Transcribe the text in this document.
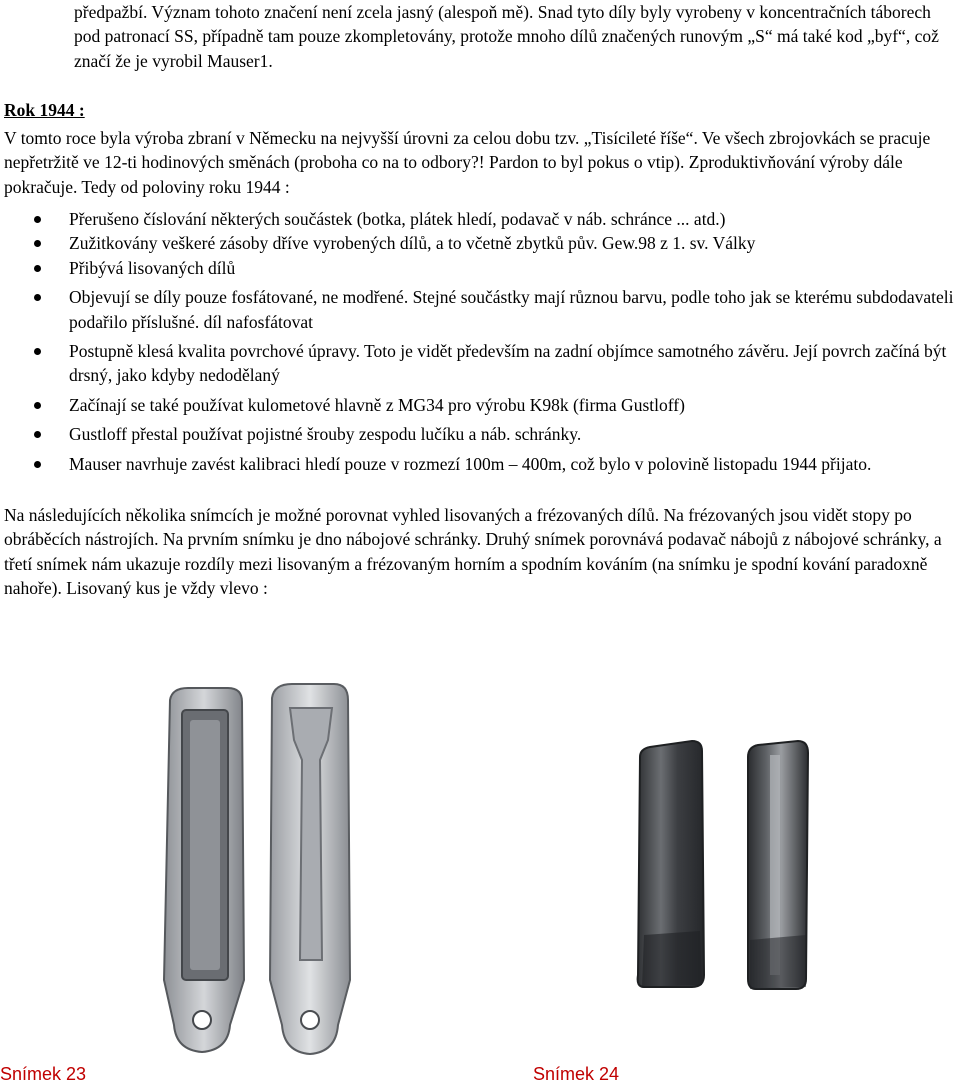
předpažbí. Význam tohoto značení není zcela jasný (alespoň mě). Snad tyto díly byly vyrobeny v koncentračních táborech pod patronací SS, případně tam pouze zkompletovány, protože mnoho dílů značených runovým „S“ má také kod „byf“, což značí že je vyrobil Mauser1.

Rok 1944 :

V tomto roce byla výroba zbraní v Německu na nejvyšší úrovni za celou dobu tzv. „Tisícileté říše“. Ve všech zbrojovkách se pracuje nepřetržitě ve 12-ti hodinových směnách (proboha co na to odbory?! Pardon to byl pokus o vtip). Zproduktivňování výroby dále pokračuje. Tedy od poloviny roku 1944 :

Přerušeno číslování některých součástek (botka, plátek hledí, podavač v náb. schránce ... atd.)
Zužitkovány veškeré zásoby dříve vyrobených dílů, a to včetně zbytků pův. Gew.98 z 1. sv. Války
Přibývá lisovaných dílů
Objevují se díly pouze fosfátované, ne modřené. Stejné součástky mají různou barvu, podle toho jak se kterému subdodavateli podařilo příslušné. díl nafosfátovat
Postupně klesá kvalita povrchové úpravy. Toto je vidět především na zadní objímce samotného závěru. Její povrch začíná být drsný, jako kdyby nedodělaný
Začínají se také používat kulometové hlavně z MG34 pro výrobu K98k (firma Gustloff)
Gustloff přestal používat pojistné šrouby zespodu lučíku a náb. schránky.
Mauser navrhuje zavést kalibraci hledí pouze v rozmezí 100m – 400m, což bylo v polovině listopadu 1944 přijato.

Na následujících několika snímcích je možné porovnat vyhled lisovaných a frézovaných dílů. Na frézovaných jsou vidět stopy po obráběcích nástrojích. Na prvním snímku je dno nábojové schránky. Druhý snímek porovnává podavač nábojů z nábojové schránky, a třetí snímek nám ukazuje rozdíly mezi lisovaným a frézovaným horním a spodním kováním (na snímku je spodní kování paradoxně nahoře). Lisovaný kus je vždy vlevo :

Snímek 23	Snímek 24
